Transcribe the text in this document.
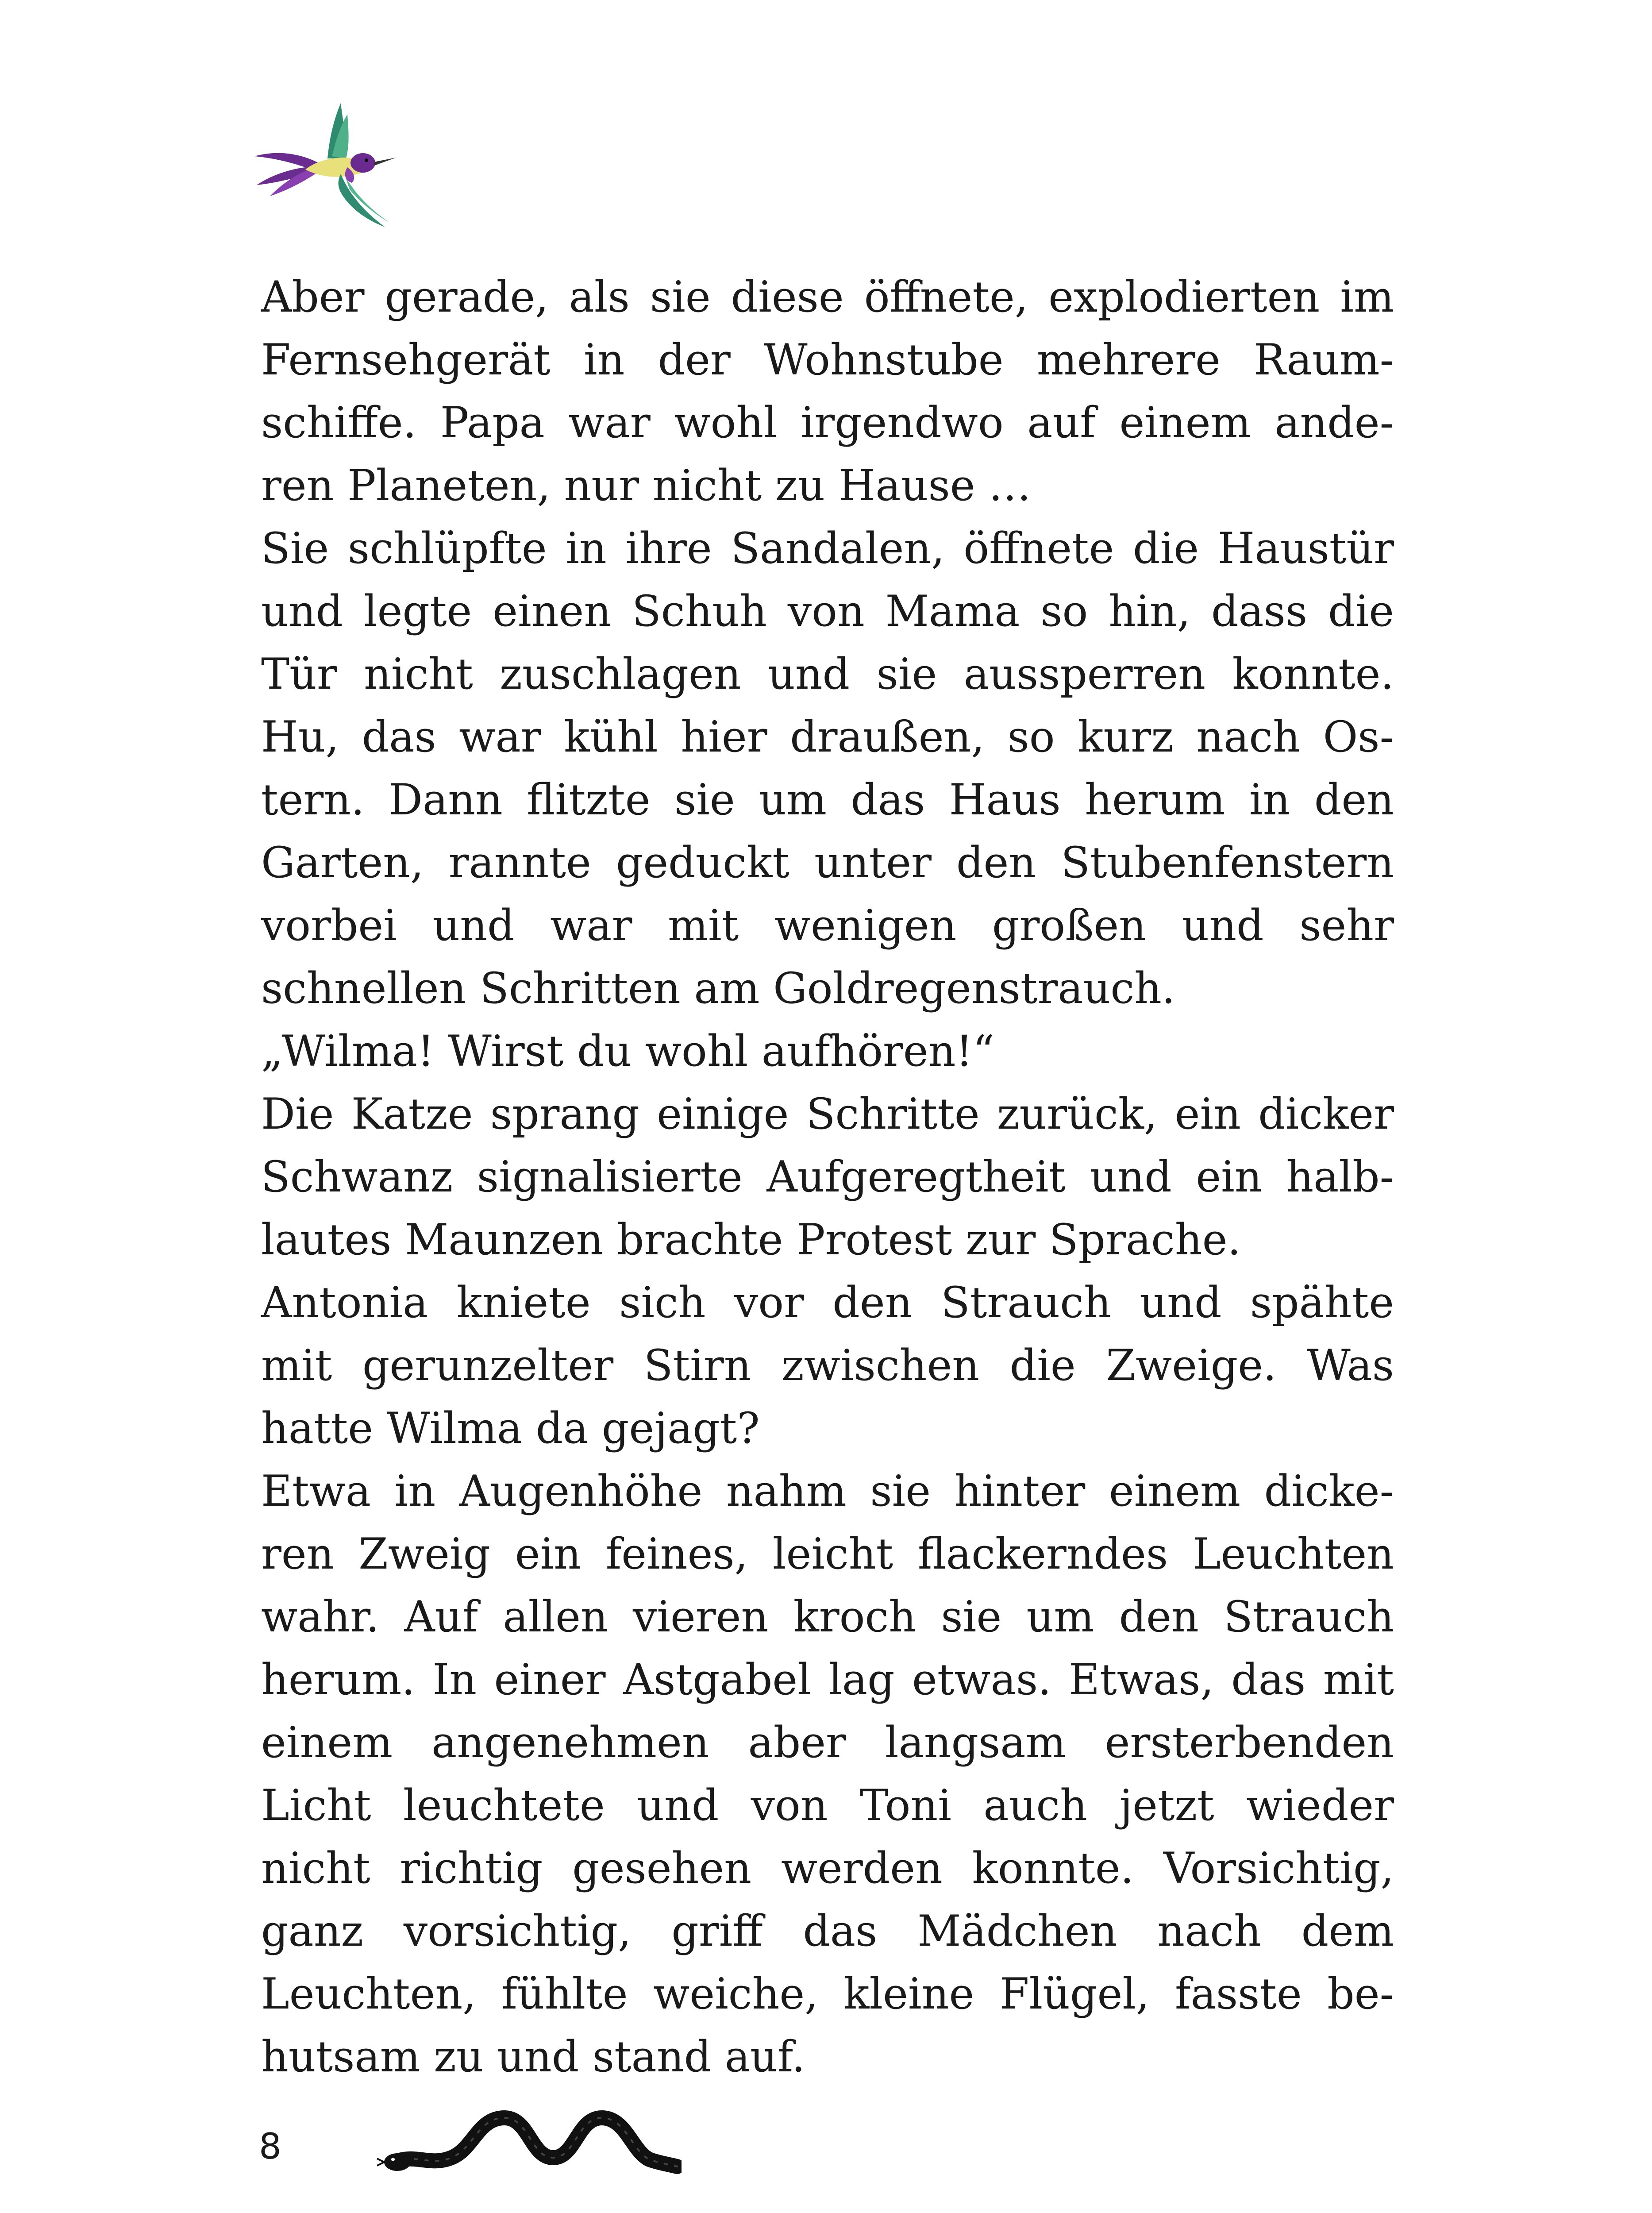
Aber gerade, als sie diese öffnete, explodierten im
Fernsehgerät in der Wohnstube mehrere Raum-
schiffe. Papa war wohl irgendwo auf einem ande-
ren Planeten, nur nicht zu Hause …
Sie schlüpfte in ihre Sandalen, öffnete die Haustür
und legte einen Schuh von Mama so hin, dass die
Tür nicht zuschlagen und sie aussperren konnte.
Hu, das war kühl hier draußen, so kurz nach Os-
tern. Dann flitzte sie um das Haus herum in den
Garten, rannte geduckt unter den Stubenfenstern
vorbei und war mit wenigen großen und sehr
schnellen Schritten am Goldregenstrauch.
„Wilma! Wirst du wohl aufhören!“
Die Katze sprang einige Schritte zurück, ein dicker
Schwanz signalisierte Aufgeregtheit und ein halb-
lautes Maunzen brachte Protest zur Sprache.
Antonia kniete sich vor den Strauch und spähte
mit gerunzelter Stirn zwischen die Zweige. Was
hatte Wilma da gejagt?
Etwa in Augenhöhe nahm sie hinter einem dicke-
ren Zweig ein feines, leicht flackerndes Leuchten
wahr. Auf allen vieren kroch sie um den Strauch
herum. In einer Astgabel lag etwas. Etwas, das mit
einem angenehmen aber langsam ersterbenden
Licht leuchtete und von Toni auch jetzt wieder
nicht richtig gesehen werden konnte. Vorsichtig,
ganz vorsichtig, griff das Mädchen nach dem
Leuchten, fühlte weiche, kleine Flügel, fasste be-
hutsam zu und stand auf.
8
